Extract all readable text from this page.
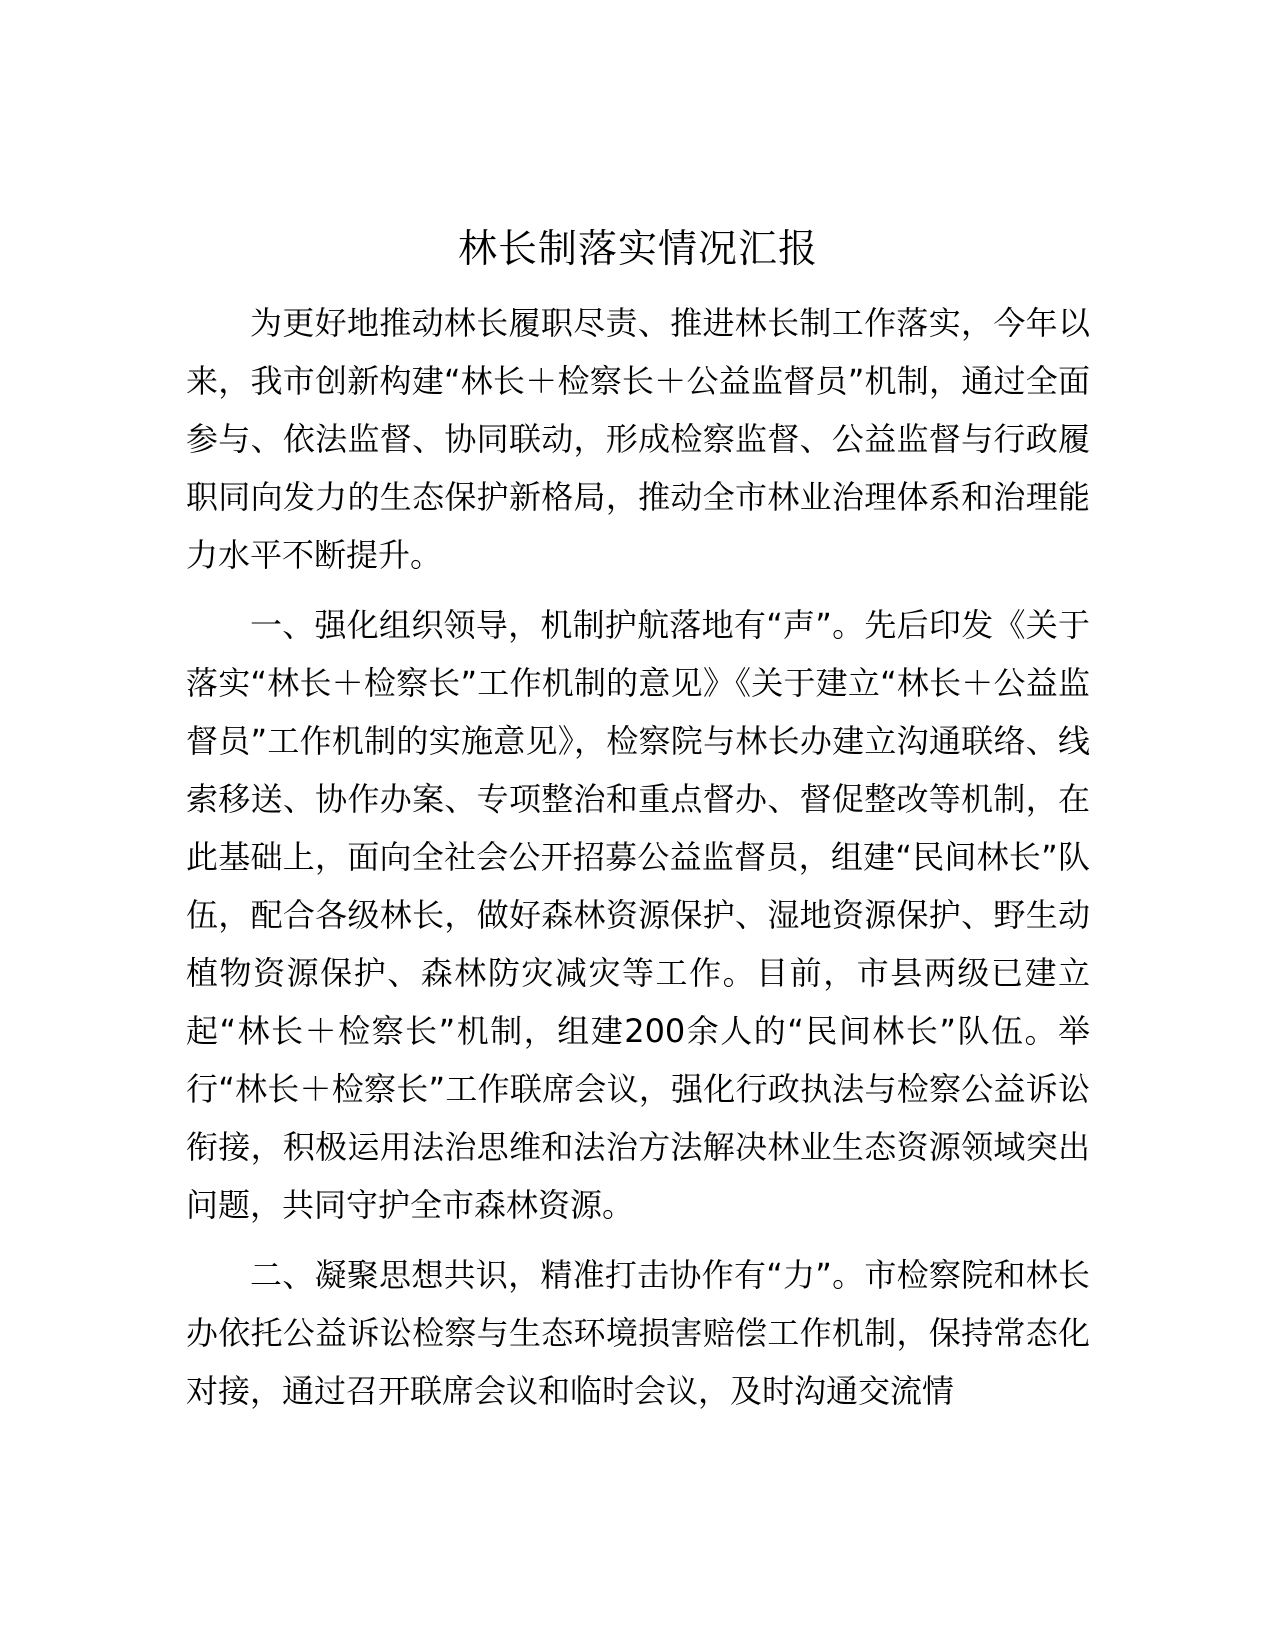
林长制落实情况汇报

为更好地推动林长履职尽责、推进林长制工作落实，今年以来，我市创新构建“林长＋检察长＋公益监督员”机制，通过全面参与、依法监督、协同联动，形成检察监督、公益监督与行政履职同向发力的生态保护新格局，推动全市林业治理体系和治理能力水平不断提升。

一、强化组织领导，机制护航落地有“声”。先后印发《关于落实“林长＋检察长”工作机制的意见》《关于建立“林长＋公益监督员”工作机制的实施意见》，检察院与林长办建立沟通联络、线索移送、协作办案、专项整治和重点督办、督促整改等机制，在此基础上，面向全社会公开招募公益监督员，组建“民间林长”队伍，配合各级林长，做好森林资源保护、湿地资源保护、野生动植物资源保护、森林防灾减灾等工作。目前，市县两级已建立起“林长＋检察长”机制，组建200余人的“民间林长”队伍。举行“林长＋检察长”工作联席会议，强化行政执法与检察公益诉讼衔接，积极运用法治思维和法治方法解决林业生态资源领域突出问题，共同守护全市森林资源。

二、凝聚思想共识，精准打击协作有“力”。市检察院和林长办依托公益诉讼检察与生态环境损害赔偿工作机制，保持常态化对接，通过召开联席会议和临时会议，及时沟通交流情
